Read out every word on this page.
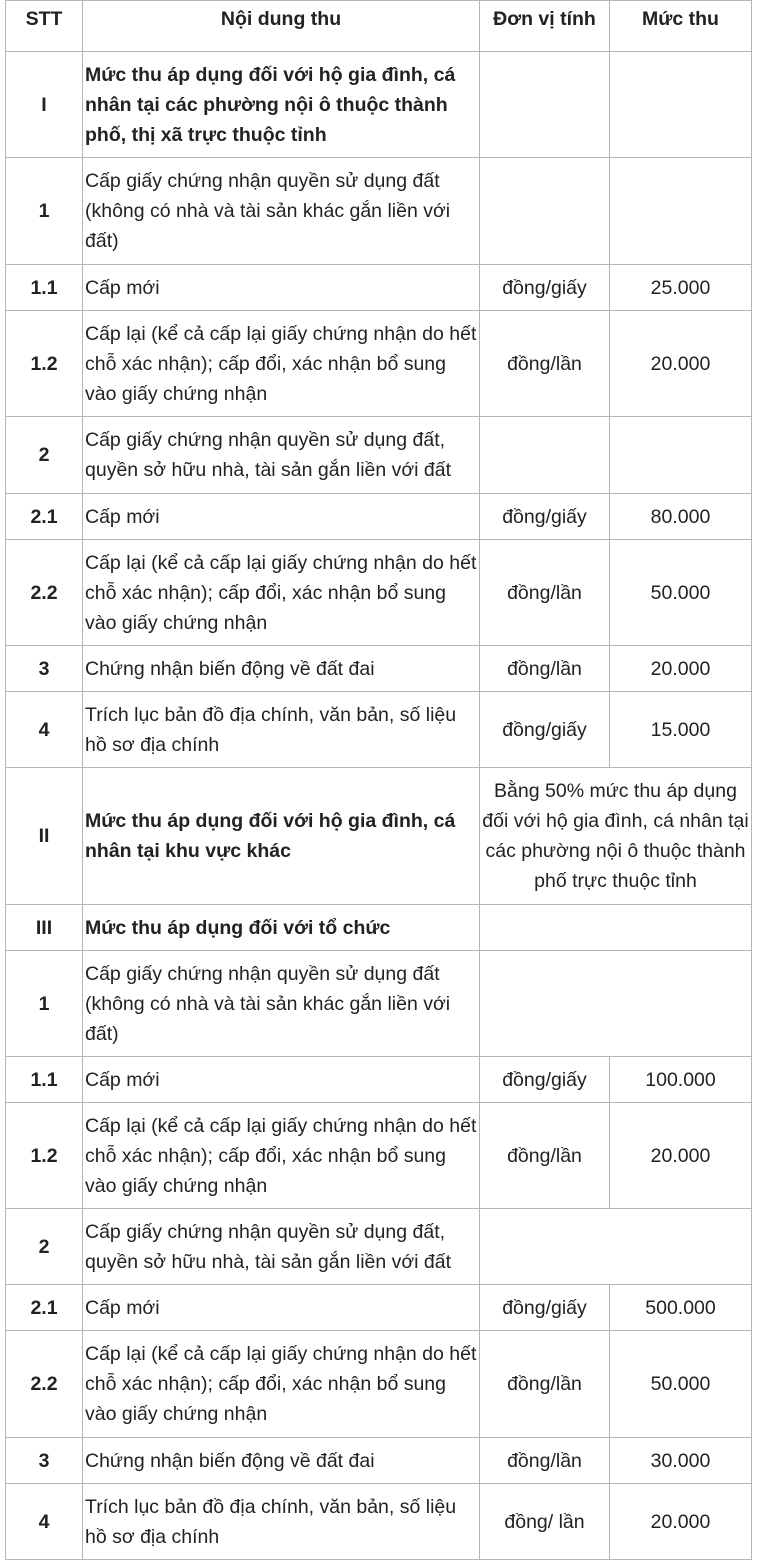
STT	Nội dung thu	Đơn vị tính	Mức thu
I	Mức thu áp dụng đối với hộ gia đình, cá nhân tại các phường nội ô thuộc thành phố, thị xã trực thuộc tỉnh		
1	Cấp giấy chứng nhận quyền sử dụng đất (không có nhà và tài sản khác gắn liền với đất)		
1.1	Cấp mới	đồng/giấy	25.000
1.2	Cấp lại (kể cả cấp lại giấy chứng nhận do hết chỗ xác nhận); cấp đổi, xác nhận bổ sung vào giấy chứng nhận	đồng/lần	20.000
2	Cấp giấy chứng nhận quyền sử dụng đất, quyền sở hữu nhà, tài sản gắn liền với đất		
2.1	Cấp mới	đồng/giấy	80.000
2.2	Cấp lại (kể cả cấp lại giấy chứng nhận do hết chỗ xác nhận); cấp đổi, xác nhận bổ sung vào giấy chứng nhận	đồng/lần	50.000
3	Chứng nhận biến động về đất đai	đồng/lần	20.000
4	Trích lục bản đồ địa chính, văn bản, số liệu hồ sơ địa chính	đồng/giấy	15.000
II	Mức thu áp dụng đối với hộ gia đình, cá nhân tại khu vực khác	Bằng 50% mức thu áp dụng đối với hộ gia đình, cá nhân tại các phường nội ô thuộc thành phố trực thuộc tỉnh	
III	Mức thu áp dụng đối với tổ chức		
1	Cấp giấy chứng nhận quyền sử dụng đất (không có nhà và tài sản khác gắn liền với đất)		
1.1	Cấp mới	đồng/giấy	100.000
1.2	Cấp lại (kể cả cấp lại giấy chứng nhận do hết chỗ xác nhận); cấp đổi, xác nhận bổ sung vào giấy chứng nhận	đồng/lần	20.000
2	Cấp giấy chứng nhận quyền sử dụng đất, quyền sở hữu nhà, tài sản gắn liền với đất		
2.1	Cấp mới	đồng/giấy	500.000
2.2	Cấp lại (kể cả cấp lại giấy chứng nhận do hết chỗ xác nhận); cấp đổi, xác nhận bổ sung vào giấy chứng nhận	đồng/lần	50.000
3	Chứng nhận biến động về đất đai	đồng/lần	30.000
4	Trích lục bản đồ địa chính, văn bản, số liệu hồ sơ địa chính	đồng/ lần	20.000
